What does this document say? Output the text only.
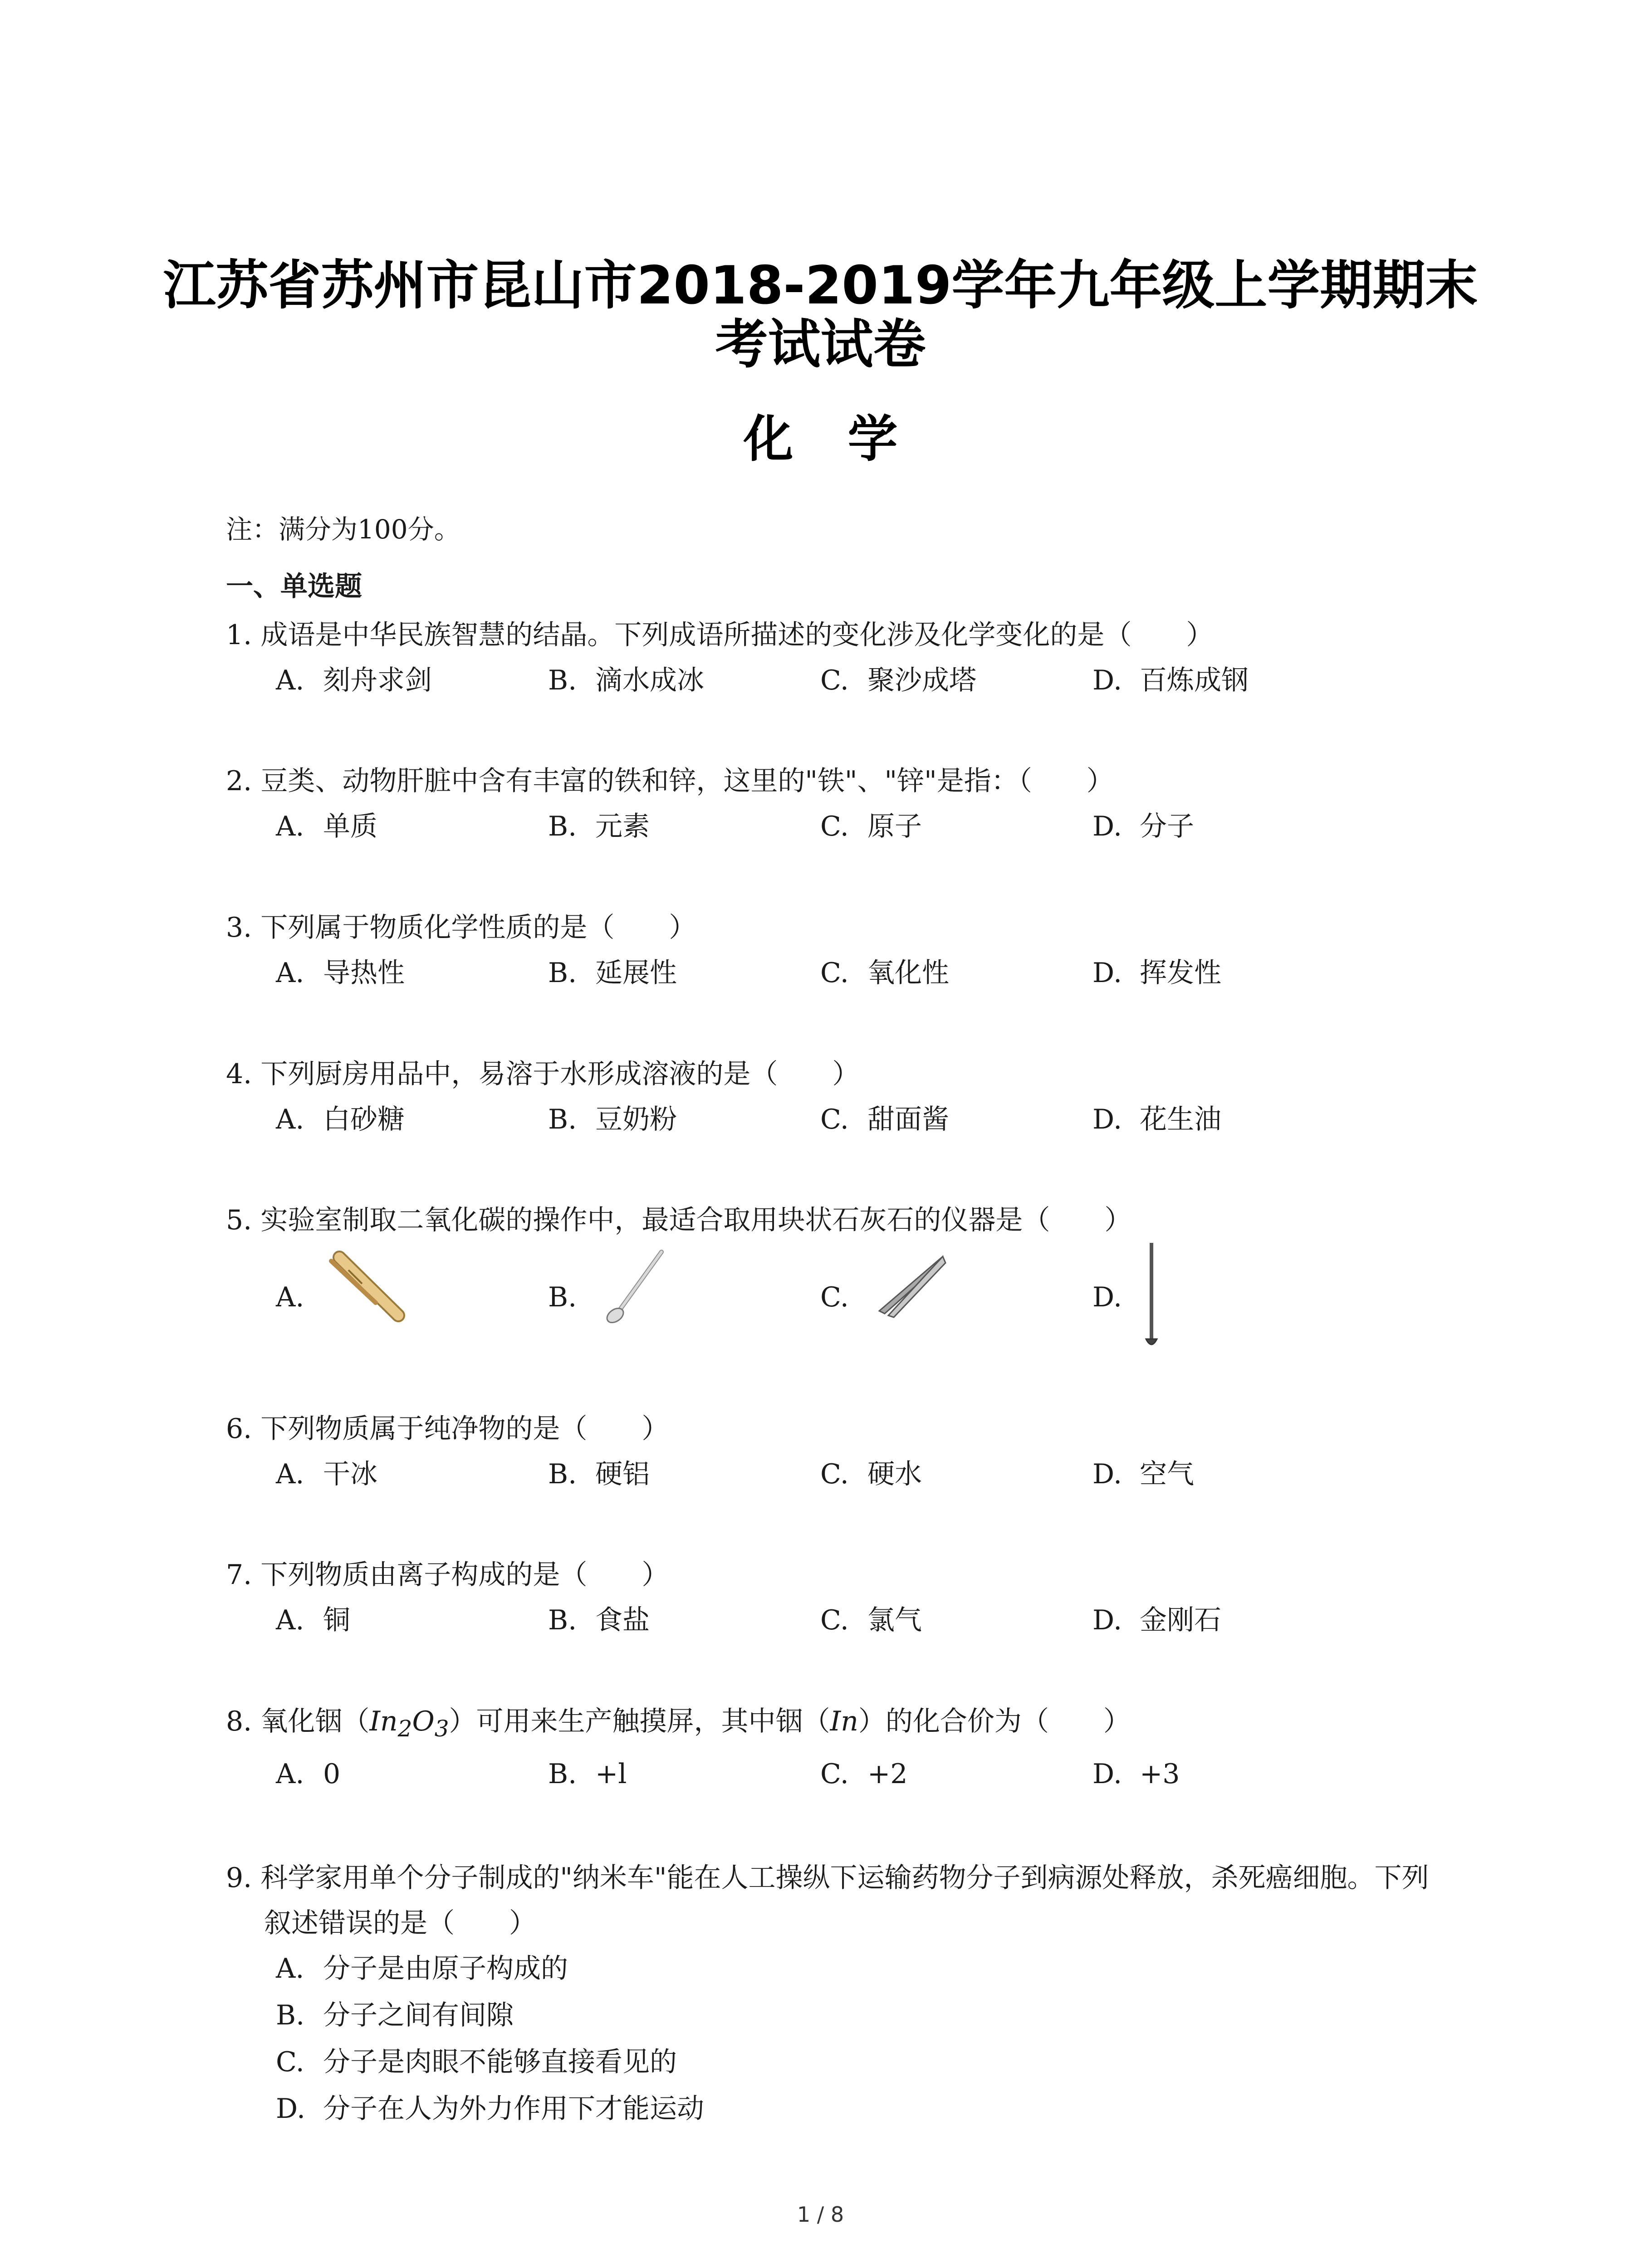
江苏省苏州市昆山市2018-2019学年九年级上学期期末
考试试卷
化学
注：满分为100分。
一、单选题
1. 成语是中华民族智慧的结晶。下列成语所描述的变化涉及化学变化的是（　　）
A. 刻舟求剑	B. 滴水成冰	C. 聚沙成塔	D. 百炼成钢
2. 豆类、动物肝脏中含有丰富的铁和锌，这里的"铁"、"锌"是指：（　　）
A. 单质	B. 元素	C. 原子	D. 分子
3. 下列属于物质化学性质的是（　　）
A. 导热性	B. 延展性	C. 氧化性	D. 挥发性
4. 下列厨房用品中，易溶于水形成溶液的是（　　）
A. 白砂糖	B. 豆奶粉	C. 甜面酱	D. 花生油
5. 实验室制取二氧化碳的操作中，最适合取用块状石灰石的仪器是（　　）
A.	B.	C.	D.
6. 下列物质属于纯净物的是（　　）
A. 干冰	B. 硬铝	C. 硬水	D. 空气
7. 下列物质由离子构成的是（　　）
A. 铜	B. 食盐	C. 氯气	D. 金刚石
8. 氧化铟$(In_2O_3)$可用来生产触摸屏，其中铟（In）的化合价为（　　）
A. 0	B. +l	C. +2	D. +3
9. 科学家用单个分子制成的"纳米车"能在人工操纵下运输药物分子到病源处释放，杀死癌细胞。下列叙述错误的是（　　）
A. 分子是由原子构成的
B. 分子之间有间隙
C. 分子是肉眼不能够直接看见的
D. 分子在人为外力作用下才能运动
1 / 8
